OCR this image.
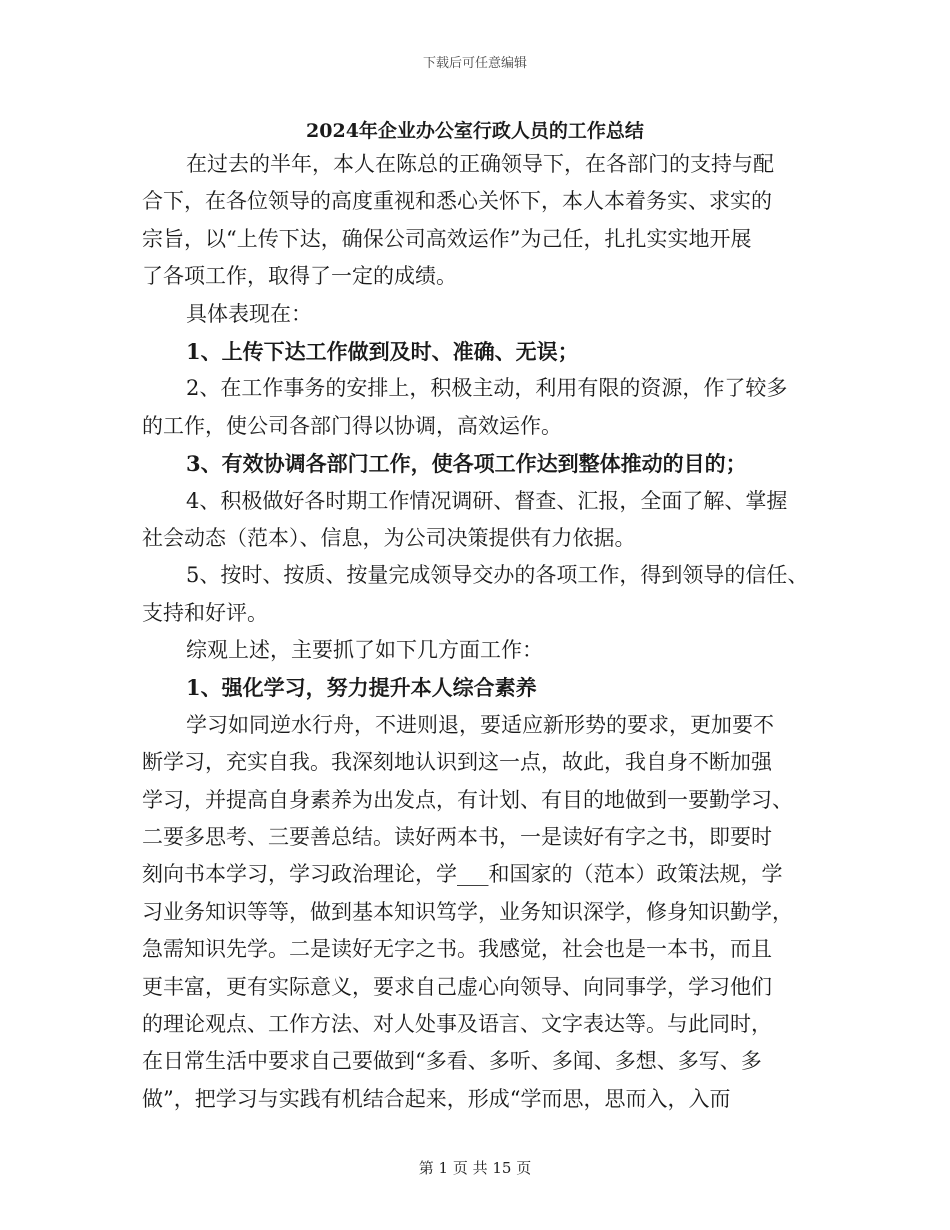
下载后可任意编辑
2024年企业办公室行政人员的工作总结
在过去的半年，本人在陈总的正确领导下，在各部门的支持与配
合下，在各位领导的高度重视和悉心关怀下，本人本着务实、求实的
宗旨，以“上传下达，确保公司高效运作”为己任，扎扎实实地开展
了各项工作，取得了一定的成绩。
具体表现在：
1、上传下达工作做到及时、准确、无误；
2、在工作事务的安排上，积极主动，利用有限的资源，作了较多
的工作，使公司各部门得以协调，高效运作。
3、有效协调各部门工作，使各项工作达到整体推动的目的；
4、积极做好各时期工作情况调研、督查、汇报，全面了解、掌握
社会动态（范本）、信息，为公司决策提供有力依据。
5、按时、按质、按量完成领导交办的各项工作，得到领导的信任、
支持和好评。
综观上述，主要抓了如下几方面工作：
1、强化学习，努力提升本人综合素养
学习如同逆水行舟，不进则退，要适应新形势的要求，更加要不
断学习，充实自我。我深刻地认识到这一点，故此，我自身不断加强
学习，并提高自身素养为出发点，有计划、有目的地做到一要勤学习、
二要多思考、三要善总结。读好两本书，一是读好有字之书，即要时
刻向书本学习，学习政治理论，学___和国家的（范本）政策法规，学
习业务知识等等，做到基本知识笃学，业务知识深学，修身知识勤学，
急需知识先学。二是读好无字之书。我感觉，社会也是一本书，而且
更丰富，更有实际意义，要求自己虚心向领导、向同事学，学习他们
的理论观点、工作方法、对人处事及语言、文字表达等。与此同时，
在日常生活中要求自己要做到“多看、多听、多闻、多想、多写、多
做”，把学习与实践有机结合起来，形成“学而思，思而入，入而
第 1 页 共 15 页
